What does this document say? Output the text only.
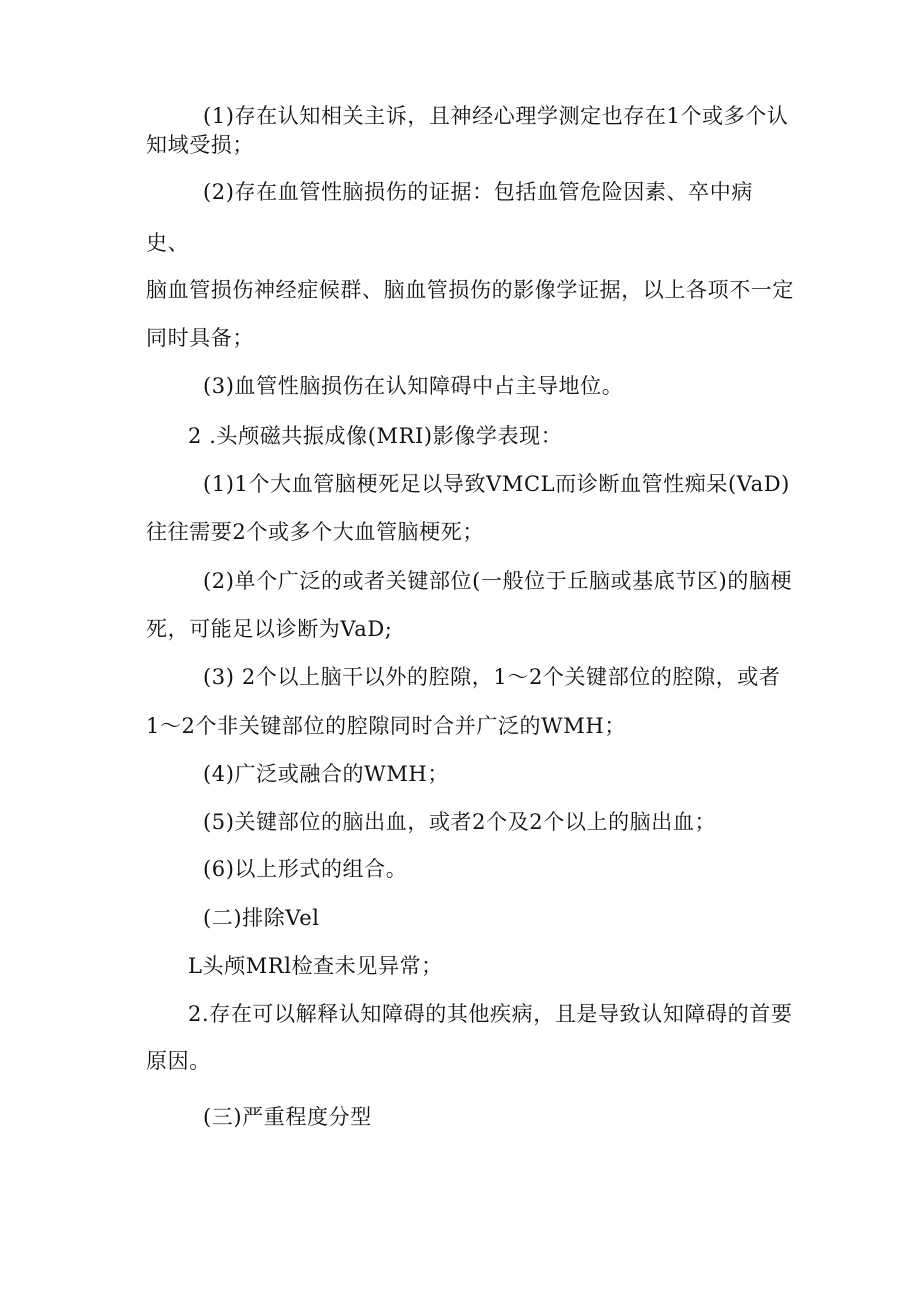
(1)存在认知相关主诉，且神经心理学测定也存在1个或多个认

知域受损；

(2)存在血管性脑损伤的证据：包括血管危险因素、卒中病

史、

脑血管损伤神经症候群、脑血管损伤的影像学证据，以上各项不一定

同时具备；

(3)血管性脑损伤在认知障碍中占主导地位。

2 .头颅磁共振成像(MRI)影像学表现：

(1)1个大血管脑梗死足以导致VMCL而诊断血管性痴呆(VaD)

往往需要2个或多个大血管脑梗死；

(2)单个广泛的或者关键部位(一般位于丘脑或基底节区)的脑梗

死，可能足以诊断为VaD;

(3) 2个以上脑干以外的腔隙，1～2个关键部位的腔隙，或者

1～2个非关键部位的腔隙同时合并广泛的WMH；

(4)广泛或融合的WMH；

(5)关键部位的脑出血，或者2个及2个以上的脑出血；

(6)以上形式的组合。

(二)排除Vel

L头颅MRl检查未见异常；

2.存在可以解释认知障碍的其他疾病，且是导致认知障碍的首要

原因。

(三)严重程度分型
